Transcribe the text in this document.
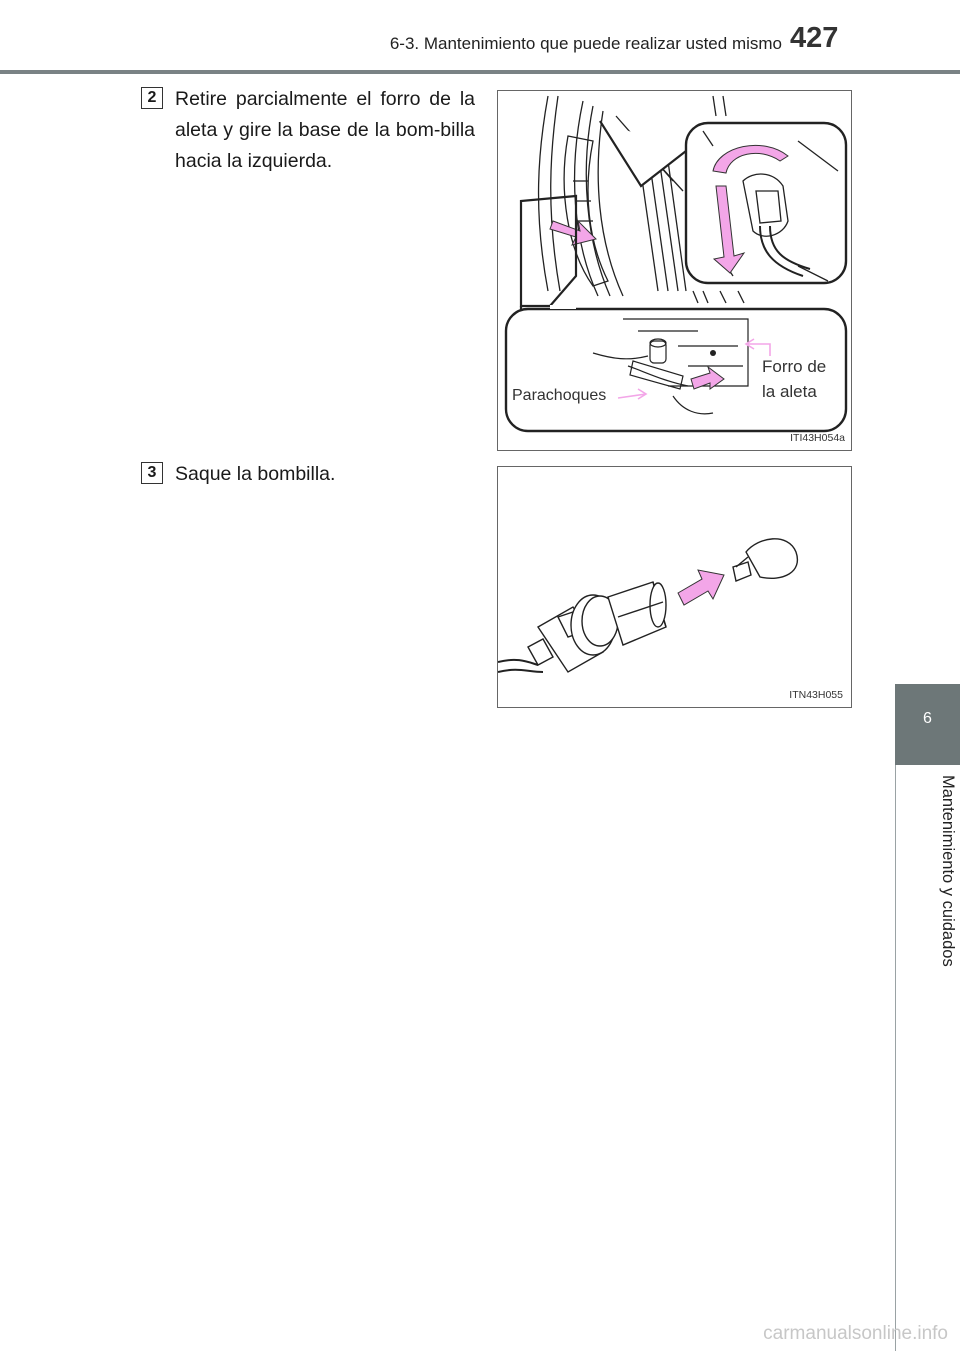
6-3. Mantenimiento que puede realizar usted mismo 427
6
Mantenimiento y cuidados
2 Retire parcialmente el forro de la aleta y gire la base de la bom-billa hacia la izquierda.
Parachoques
Forro de
la aleta
ITI43H054a
3 Saque la bombilla.
ITN43H055
carmanualsonline.info
